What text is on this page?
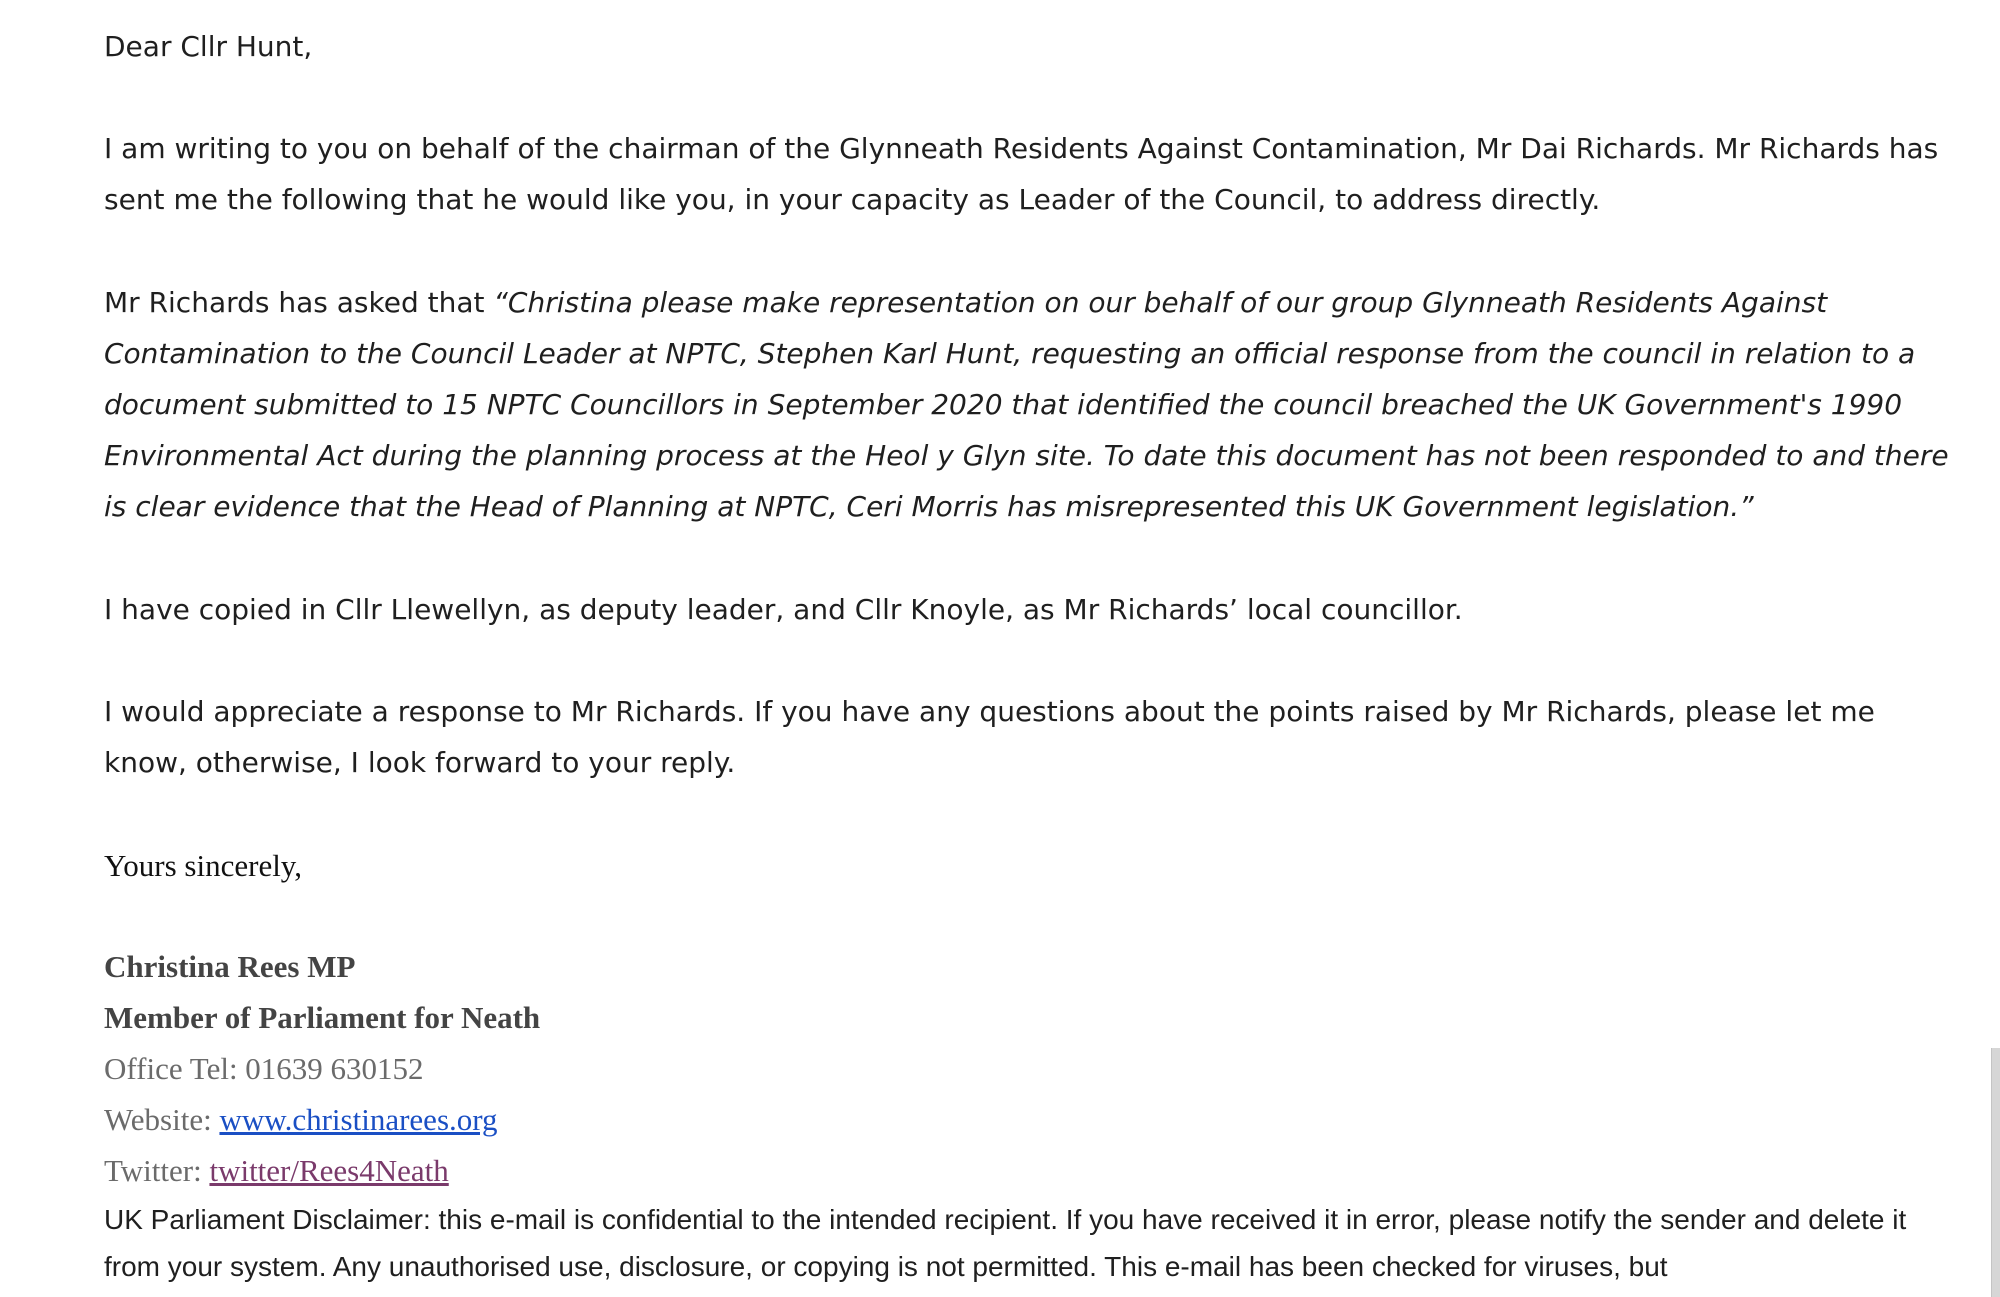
Dear Cllr Hunt,

I am writing to you on behalf of the chairman of the Glynneath Residents Against Contamination, Mr Dai Richards. Mr Richards has sent me the following that he would like you, in your capacity as Leader of the Council, to address directly.

Mr Richards has asked that “Christina please make representation on our behalf of our group Glynneath Residents Against Contamination to the Council Leader at NPTC, Stephen Karl Hunt, requesting an official response from the council in relation to a document submitted to 15 NPTC Councillors in September 2020 that identified the council breached the UK Government's 1990 Environmental Act during the planning process at the Heol y Glyn site. To date this document has not been responded to and there is clear evidence that the Head of Planning at NPTC, Ceri Morris has misrepresented this UK Government legislation.”

I have copied in Cllr Llewellyn, as deputy leader, and Cllr Knoyle, as Mr Richards’ local councillor.

I would appreciate a response to Mr Richards. If you have any questions about the points raised by Mr Richards, please let me know, otherwise, I look forward to your reply.

Yours sincerely,
Christina Rees MP
Member of Parliament for Neath
Office Tel: 01639 630152
Website: www.christinarees.org
Twitter: twitter/Rees4Neath
UK Parliament Disclaimer: this e-mail is confidential to the intended recipient. If you have received it in error, please notify the sender and delete it from your system. Any unauthorised use, disclosure, or copying is not permitted. This e-mail has been checked for viruses, but
